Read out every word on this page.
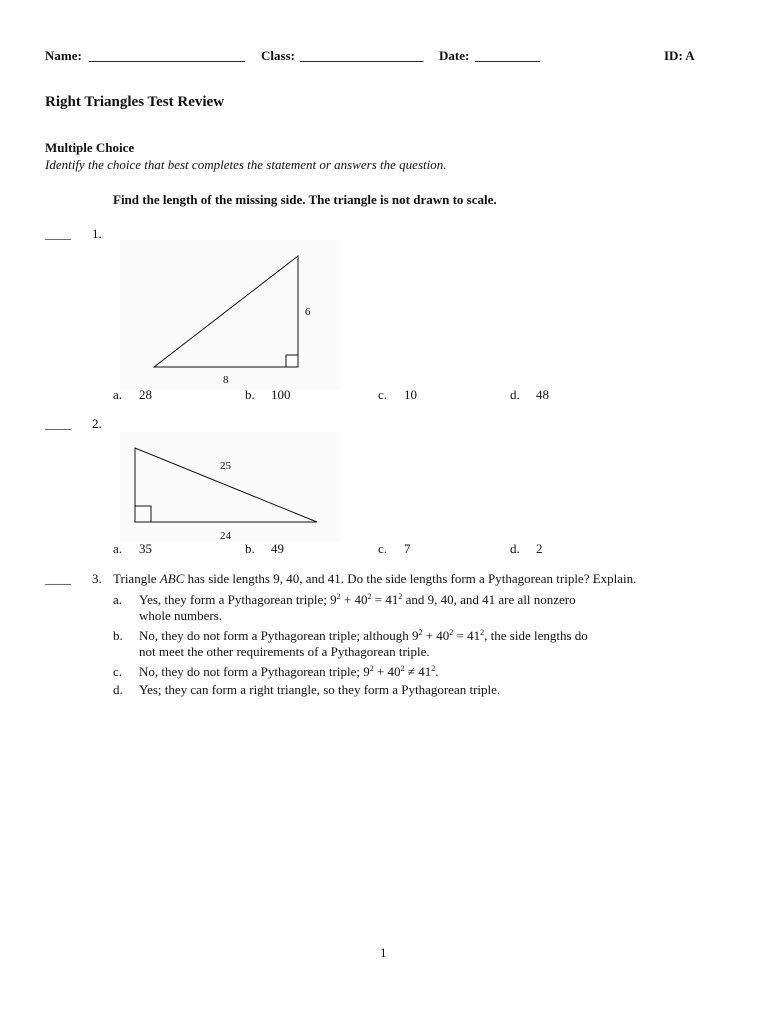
Name: ________________________ Class: ___________________ Date: __________	ID: A
Right Triangles Test Review
Multiple Choice
Identify the choice that best completes the statement or answers the question.
Find the length of the missing side. The triangle is not drawn to scale.
____ 1.
6
8
a. 28	b. 100	c. 10	d. 48
____ 2.
25
24
a. 35	b. 49	c. 7	d. 2
____ 3. Triangle ABC has side lengths 9, 40, and 41. Do the side lengths form a Pythagorean triple? Explain.
a. Yes, they form a Pythagorean triple; $9^2 + 40^2 = 41^2$ and 9, 40, and 41 are all nonzero
whole numbers.
b. No, they do not form a Pythagorean triple; although $9^2 + 40^2 = 41^2$, the side lengths do
not meet the other requirements of a Pythagorean triple.
c. No, they do not form a Pythagorean triple; $9^2 + 40^2 \ne 41^2$.
d. Yes; they can form a right triangle, so they form a Pythagorean triple.
1
